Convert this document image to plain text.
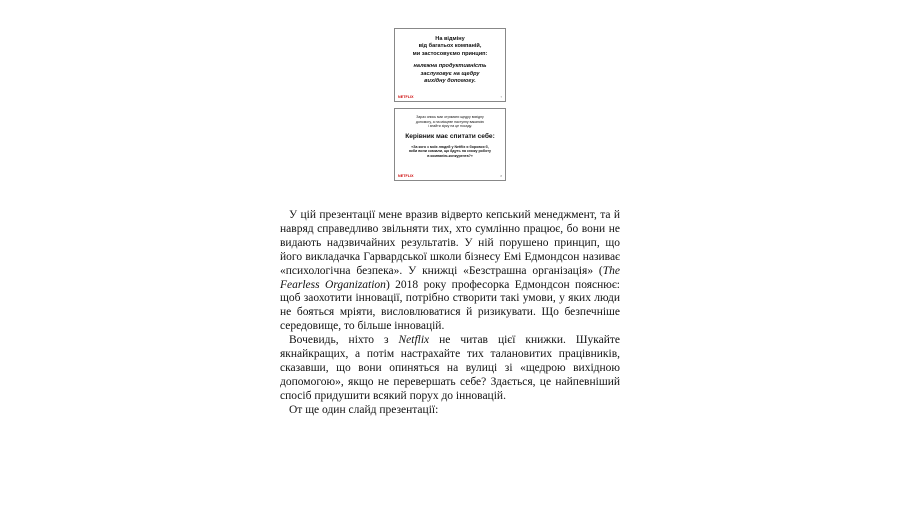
На відміну
від багатьох компаній,
ми застосовуємо принцип:
належна продуктивність
заслуговує на щедру
вихідну допомогу.
NETFLIX	7
Зараз опись має отримати щедру вихідну
допомогу, а на місцеве наступну вакансію
і знайти зірку на це посаду.
Керівник має спитати себе:
«За кого з моїх людей у Netflix я боровся б,
якби вони сказали, що йдуть на схожу роботу
в компанію-конкурента?»
NETFLIX	8

У цій презентації мене вразив відверто кепський менеджмент, та й навряд справедливо звільняти тих, хто сумлінно працює, бо вони не видають надзвичайних результатів. У ній порушено принцип, що його викладачка Гарвардської школи бізнесу Емі Едмондсон називає «психологічна безпека». У книжці «Безстрашна організація» (The Fearless Organization) 2018 року професорка Едмондсон пояснює: щоб заохотити інновації, потрібно створити такі умови, у яких люди не бояться мріяти, висловлюватися й ризикувати. Що безпечніше середовище, то більше інновацій.

Вочевидь, ніхто з Netflix не читав цієї книжки. Шукайте якнайкращих, а потім настрахайте тих талановитих працівників, сказавши, що вони опиняться на вулиці зі «щедрою вихідною допомогою», якщо не перевершать себе? Здається, це найпевніший спосіб придушити всякий порух до інновацій.

От ще один слайд презентації:
